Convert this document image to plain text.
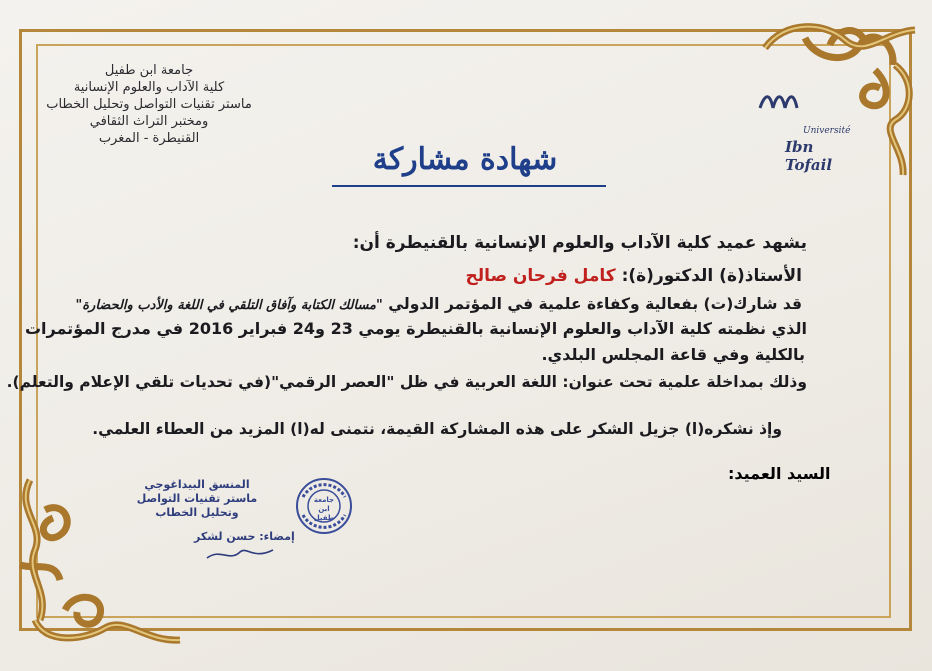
Université
Ibn Tofail
جامعة ابن طفيل
كلية الآداب والعلوم الإنسانية
ماستر تقنيات التواصل وتحليل الخطاب
ومختبر التراث الثقافي
القنيطرة - المغرب
شهادة مشاركة
يشهد عميد كلية الآداب والعلوم الإنسانية بالقنيطرة أن:
الأستاذ(ة) الدكتور(ة): كامل فرحان صالح
قد شارك(ت) بفعالية وكفاءة علمية في المؤتمر الدولي "مسالك الكتابة وآفاق التلقي في اللغة والأدب والحضارة"
الذي نظمته كلية الآداب والعلوم الإنسانية بالقنيطرة يومي 23 و24 فبراير 2016 في مدرج المؤتمرات
بالكلية وفي قاعة المجلس البلدي.
وذلك بمداخلة علمية تحت عنوان: اللغة العربية في ظل "العصر الرقمي"(في تحديات تلقي الإعلام والتعلم).
وإذ نشكره(ا) جزيل الشكر على هذه المشاركة القيمة، نتمنى له(ا) المزيد من العطاء العلمي.
السيد العميد:
المنسق البيداغوجي
ماستر تقنيات التواصل
وتحليل الخطاب
إمضاء: حسن لشكر
جامعة ابن طفيل
